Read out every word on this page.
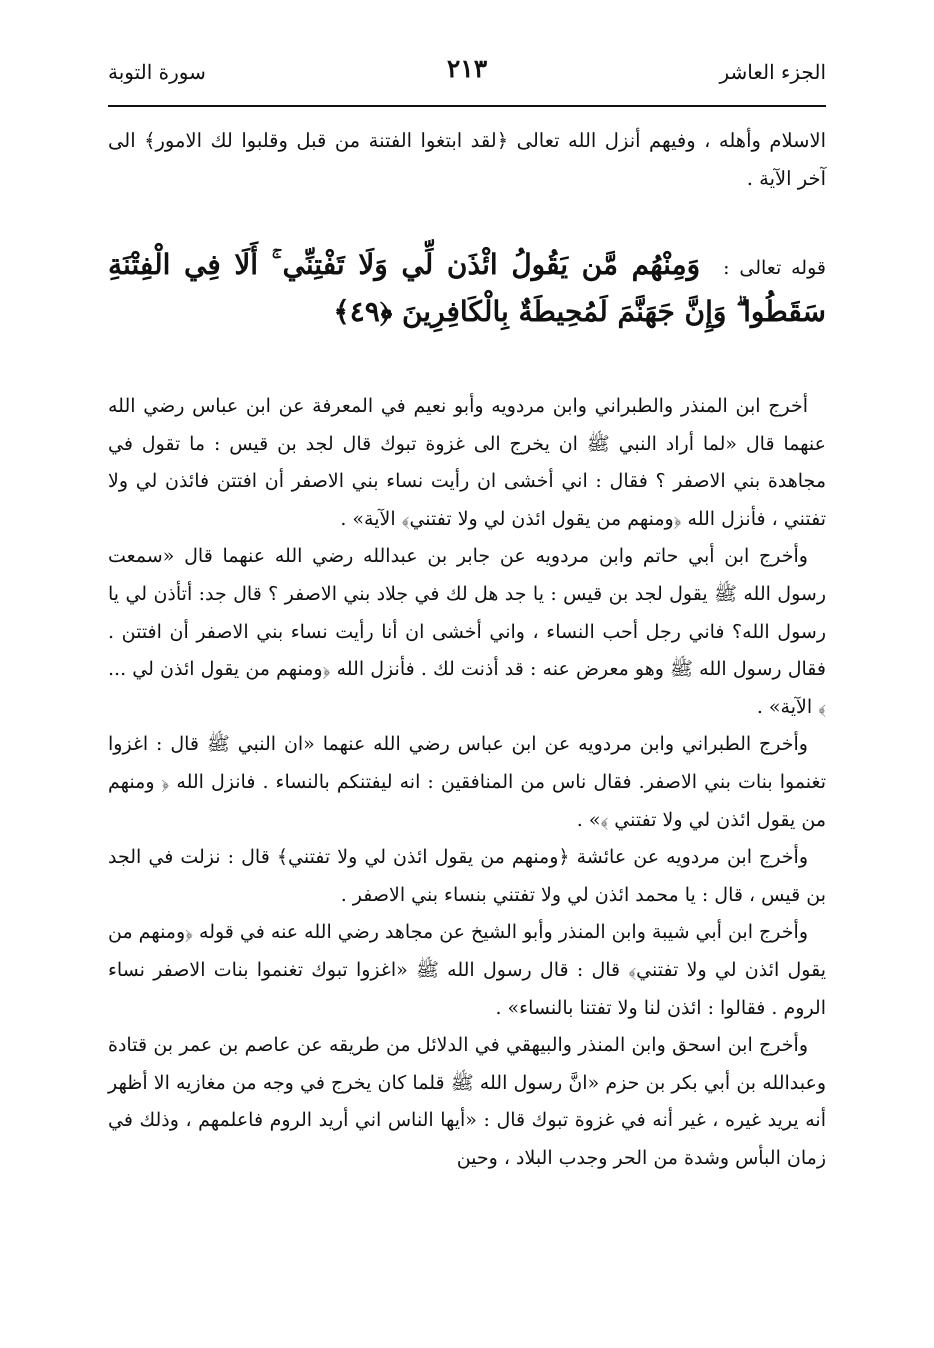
الجزء العاشر
٢١٣
سورة التوبة
الاسلام وأهله ، وفيهم أنزل الله تعالى ﴿لقد ابتغوا الفتنة من قبل وقلبوا لك الامور﴾ الى آخر الآية .
قوله تعالى : وَمِنْهُم مَّن يَقُولُ ائْذَن لِّي وَلَا تَفْتِنِّي ۚ أَلَا فِي الْفِتْنَةِ سَقَطُوا ۗ وَإِنَّ جَهَنَّمَ لَمُحِيطَةٌ بِالْكَافِرِينَ ﴿٤٩﴾

أخرج ابن المنذر والطبراني وابن مردويه وأبو نعيم في المعرفة عن ابن عباس رضي الله عنهما قال «لما أراد النبي ﷺ ان يخرج الى غزوة تبوك قال لجد بن قيس : ما تقول في مجاهدة بني الاصفر ؟ فقال : اني أخشى ان رأيت نساء بني الاصفر أن افتتن فائذن لي ولا تفتني ، فأنزل الله ﴿ومنهم من يقول ائذن لي ولا تفتني﴾ الآية» .

وأخرج ابن أبي حاتم وابن مردويه عن جابر بن عبدالله رضي الله عنهما قال «سمعت رسول الله ﷺ يقول لجد بن قيس : يا جد هل لك في جلاد بني الاصفر ؟ قال جد: أتأذن لي يا رسول الله؟ فاني رجل أحب النساء ، واني أخشى ان أنا رأيت نساء بني الاصفر أن افتتن . فقال رسول الله ﷺ وهو معرض عنه : قد أذنت لك . فأنزل الله ﴿ومنهم من يقول ائذن لي ... ﴾ الآية» .

وأخرج الطبراني وابن مردويه عن ابن عباس رضي الله عنهما «ان النبي ﷺ قال : اغزوا تغنموا بنات بني الاصفر. فقال ناس من المنافقين : انه ليفتنكم بالنساء . فانزل الله ﴿ ومنهم من يقول ائذن لي ولا تفتني ﴾» .

وأخرج ابن مردويه عن عائشة ﴿ومنهم من يقول ائذن لي ولا تفتني﴾ قال : نزلت في الجد بن قيس ، قال : يا محمد ائذن لي ولا تفتني بنساء بني الاصفر .

وأخرج ابن أبي شيبة وابن المنذر وأبو الشيخ عن مجاهد رضي الله عنه في قوله ﴿ومنهم من يقول ائذن لي ولا تفتني﴾ قال : قال رسول الله ﷺ «اغزوا تبوك تغنموا بنات الاصفر نساء الروم . فقالوا : ائذن لنا ولا تفتنا بالنساء» .

وأخرج ابن اسحق وابن المنذر والبيهقي في الدلائل من طريقه عن عاصم بن عمر بن قتادة وعبدالله بن أبي بكر بن حزم «انَّ رسول الله ﷺ قلما كان يخرج في وجه من مغازيه الا أظهر أنه يريد غيره ، غير أنه في غزوة تبوك قال : «أيها الناس اني أريد الروم فاعلمهم ، وذلك في زمان البأس وشدة من الحر وجدب البلاد ، وحين
